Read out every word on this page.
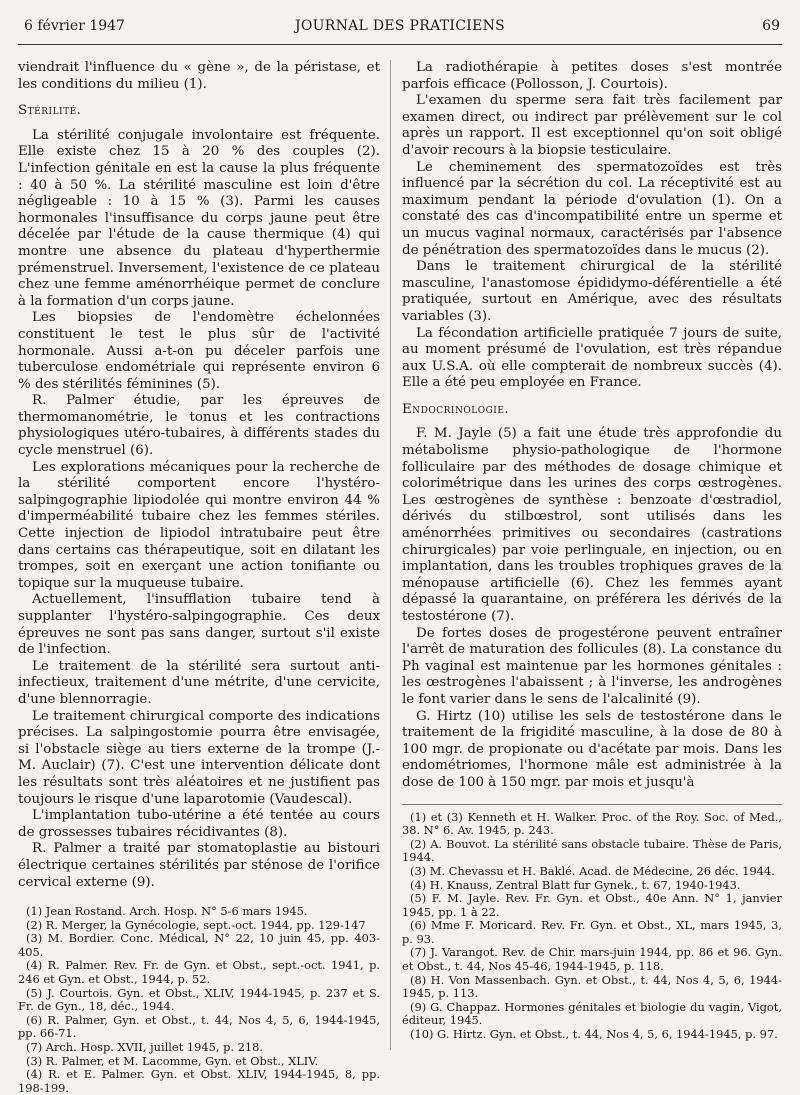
6 février 1947	JOURNAL DES PRATICIENS	69

viendrait l'influence du « gène », de la péristase, et les conditions du milieu (1).

Stérilité.

La stérilité conjugale involontaire est fréquente. Elle existe chez 15 à 20 % des couples (2). L'infection génitale en est la cause la plus fréquente : 40 à 50 %. La stérilité masculine est loin d'être négligeable : 10 à 15 % (3). Parmi les causes hormonales l'insuffisance du corps jaune peut être décelée par l'étude de la cause thermique (4) qui montre une absence du plateau d'hyperthermie prémenstruel. Inversement, l'existence de ce plateau chez une femme aménorrhéique permet de conclure à la formation d'un corps jaune.

Les biopsies de l'endomètre échelonnées constituent le test le plus sûr de l'activité hormonale. Aussi a-t-on pu déceler parfois une tuberculose endométriale qui représente environ 6 % des stérilités féminines (5).

R. Palmer étudie, par les épreuves de thermomanométrie, le tonus et les contractions physiologiques utéro-tubaires, à différents stades du cycle menstruel (6).

Les explorations mécaniques pour la recherche de la stérilité comportent encore l'hystéro-salpingographie lipiodolée qui montre environ 44 % d'imperméabilité tubaire chez les femmes stériles. Cette injection de lipiodol intratubaire peut être dans certains cas thérapeutique, soit en dilatant les trompes, soit en exerçant une action tonifiante ou topique sur la muqueuse tubaire.

Actuellement, l'insufflation tubaire tend à supplanter l'hystéro-salpingographie. Ces deux épreuves ne sont pas sans danger, surtout s'il existe de l'infection.

Le traitement de la stérilité sera surtout anti-infectieux, traitement d'une métrite, d'une cervicite, d'une blennorragie.

Le traitement chirurgical comporte des indications précises. La salpingostomie pourra être envisagée, si l'obstacle siège au tiers externe de la trompe (J.-M. Auclair) (7). C'est une intervention délicate dont les résultats sont très aléatoires et ne justifient pas toujours le risque d'une laparotomie (Vaudescal).

L'implantation tubo-utérine a été tentée au cours de grossesses tubaires récidivantes (8).

R. Palmer a traité par stomatoplastie au bistouri électrique certaines stérilités par sténose de l'orifice cervical externe (9).

(1) Jean Rostand. Arch. Hosp. N° 5-6 mars 1945.

(2) R. Merger, la Gynécologie, sept.-oct. 1944, pp. 129-147

(3) M. Bordier. Conc. Médical, N° 22, 10 juin 45, pp. 403-405.

(4) R. Palmer. Rev. Fr. de Gyn. et Obst., sept.-oct. 1941, p. 246 et Gyn. et Obst., 1944, p. 52.

(5) J. Courtois. Gyn. et Obst., XLIV, 1944-1945, p. 237 et S. Fr. de Gyn., 18, déc., 1944.

(6) R. Palmer, Gyn. et Obst., t. 44, Nos 4, 5, 6, 1944-1945, pp. 66-71.

(7) Arch. Hosp. XVII, juillet 1945, p. 218.

(3) R. Palmer, et M. Lacomme, Gyn. et Obst., XLIV.

(4) R. et E. Palmer. Gyn. et Obst. XLIV, 1944-1945, 8, pp. 198-199.

La radiothérapie à petites doses s'est montrée parfois efficace (Pollosson, J. Courtois).

L'examen du sperme sera fait très facilement par examen direct, ou indirect par prélèvement sur le col après un rapport. Il est exceptionnel qu'on soit obligé d'avoir recours à la biopsie testiculaire.

Le cheminement des spermatozoïdes est très influencé par la sécrétion du col. La réceptivité est au maximum pendant la période d'ovulation (1). On a constaté des cas d'incompatibilité entre un sperme et un mucus vaginal normaux, caractérisés par l'absence de pénétration des spermatozoïdes dans le mucus (2).

Dans le traitement chirurgical de la stérilité masculine, l'anastomose épididymo-déférentielle a été pratiquée, surtout en Amérique, avec des résultats variables (3).

La fécondation artificielle pratiquée 7 jours de suite, au moment présumé de l'ovulation, est très répandue aux U.S.A. où elle compterait de nombreux succès (4). Elle a été peu employée en France.

Endocrinologie.

F. M. Jayle (5) a fait une étude très approfondie du métabolisme physio-pathologique de l'hormone folliculaire par des méthodes de dosage chimique et colorimétrique dans les urines des corps œstrogènes. Les œstrogènes de synthèse : benzoate d'œstradiol, dérivés du stilbœstrol, sont utilisés dans les aménorrhées primitives ou secondaires (castrations chirurgicales) par voie perlinguale, en injection, ou en implantation, dans les troubles trophiques graves de la ménopause artificielle (6). Chez les femmes ayant dépassé la quarantaine, on préférera les dérivés de la testostérone (7).

De fortes doses de progestérone peuvent entraîner l'arrêt de maturation des follicules (8). La constance du Ph vaginal est maintenue par les hormones génitales : les œstrogènes l'abaissent ; à l'inverse, les androgènes le font varier dans le sens de l'alcalinité (9).

G. Hirtz (10) utilise les sels de testostérone dans le traitement de la frigidité masculine, à la dose de 80 à 100 mgr. de propionate ou d'acétate par mois. Dans les endométriomes, l'hormone mâle est administrée à la dose de 100 à 150 mgr. par mois et jusqu'à

(1) et (3) Kenneth et H. Walker. Proc. of the Roy. Soc. of Med., 38. N° 6. Av. 1945, p. 243.

(2) A. Bouvot. La stérilité sans obstacle tubaire. Thèse de Paris, 1944.

(3) M. Chevassu et H. Baklé. Acad. de Médecine, 26 déc. 1944.

(4) H. Knauss, Zentral Blatt fur Gynek., t. 67, 1940-1943.

(5) F. M. Jayle. Rev. Fr. Gyn. et Obst., 40e Ann. N° 1, janvier 1945, pp. 1 à 22.

(6) Mme F. Moricard. Rev. Fr. Gyn. et Obst., XL, mars 1945, 3, p. 93.

(7) J. Varangot. Rev. de Chir. mars-juin 1944, pp. 86 et 96. Gyn. et Obst., t. 44, Nos 45-46, 1944-1945, p. 118.

(8) H. Von Massenbach. Gyn. et Obst., t. 44, Nos 4, 5, 6, 1944-1945, p. 113.

(9) G. Chappaz. Hormones génitales et biologie du vagin, Vigot, éditeur, 1945.

(10) G. Hirtz. Gyn. et Obst., t. 44, Nos 4, 5, 6, 1944-1945, p. 97.
